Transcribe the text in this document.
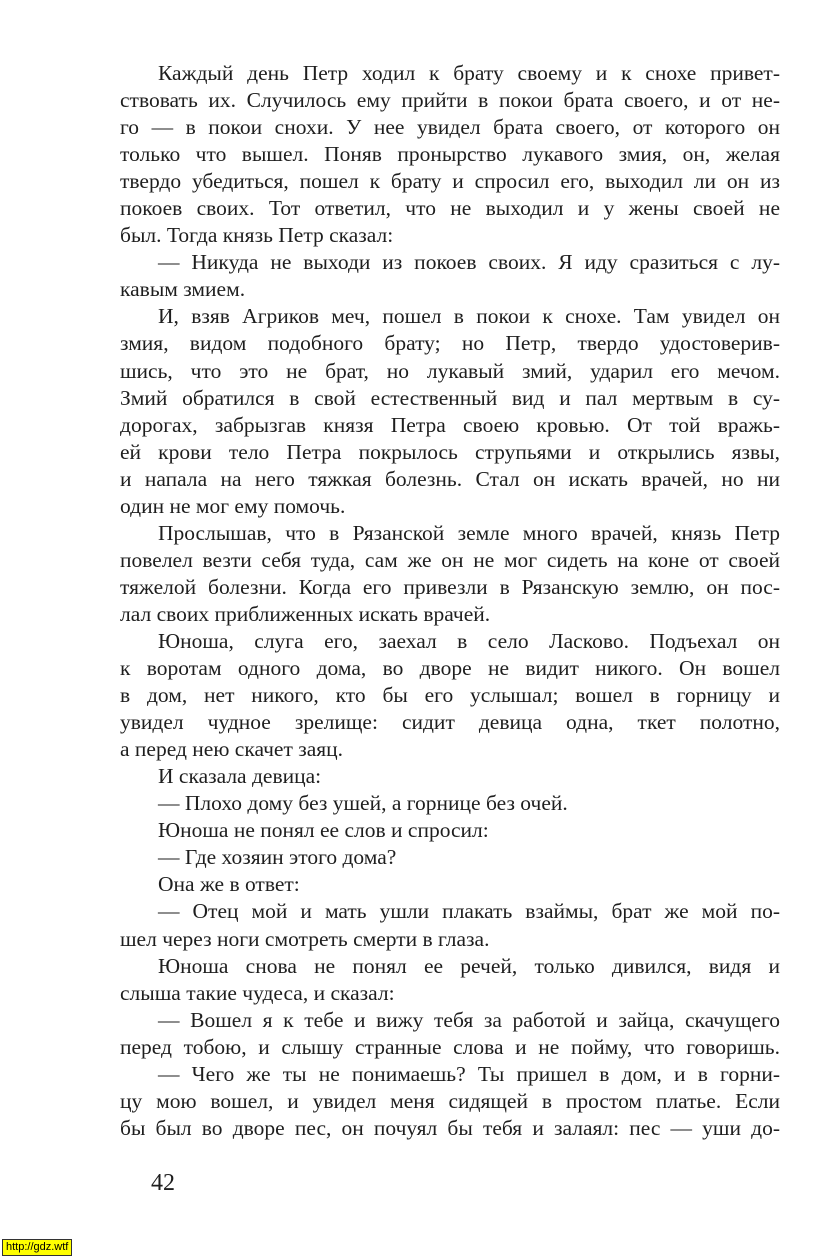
Каждый день Петр ходил к брату своему и к снохе привет-
ствовать их. Случилось ему прийти в покои брата своего, и от не-
го — в покои снохи. У нее увидел брата своего, от которого он
только что вышел. Поняв пронырство лукавого змия, он, желая
твердо убедиться, пошел к брату и спросил его, выходил ли он из
покоев своих. Тот ответил, что не выходил и у жены своей не
был. Тогда князь Петр сказал:
— Никуда не выходи из покоев своих. Я иду сразиться с лу-
кавым змием.
И, взяв Агриков меч, пошел в покои к снохе. Там увидел он
змия, видом подобного брату; но Петр, твердо удостоверив-
шись, что это не брат, но лукавый змий, ударил его мечом.
Змий обратился в свой естественный вид и пал мертвым в су-
дорогах, забрызгав князя Петра своею кровью. От той вражь-
ей крови тело Петра покрылось струпьями и открылись язвы,
и напала на него тяжкая болезнь. Стал он искать врачей, но ни
один не мог ему помочь.
Прослышав, что в Рязанской земле много врачей, князь Петр
повелел везти себя туда, сам же он не мог сидеть на коне от своей
тяжелой болезни. Когда его привезли в Рязанскую землю, он пос-
лал своих приближенных искать врачей.
Юноша, слуга его, заехал в село Ласково. Подъехал он
к воротам одного дома, во дворе не видит никого. Он вошел
в дом, нет никого, кто бы его услышал; вошел в горницу и
увидел чудное зрелище: сидит девица одна, ткет полотно,
а перед нею скачет заяц.
И сказала девица:
— Плохо дому без ушей, а горнице без очей.
Юноша не понял ее слов и спросил:
— Где хозяин этого дома?
Она же в ответ:
— Отец мой и мать ушли плакать взаймы, брат же мой по-
шел через ноги смотреть смерти в глаза.
Юноша снова не понял ее речей, только дивился, видя и
слыша такие чудеса, и сказал:
— Вошел я к тебе и вижу тебя за работой и зайца, скачущего
перед тобою, и слышу странные слова и не пойму, что говоришь.
— Чего же ты не понимаешь? Ты пришел в дом, и в горни-
цу мою вошел, и увидел меня сидящей в простом платье. Если
бы был во дворе пес, он почуял бы тебя и залаял: пес — уши до-
42
http://gdz.wtf
